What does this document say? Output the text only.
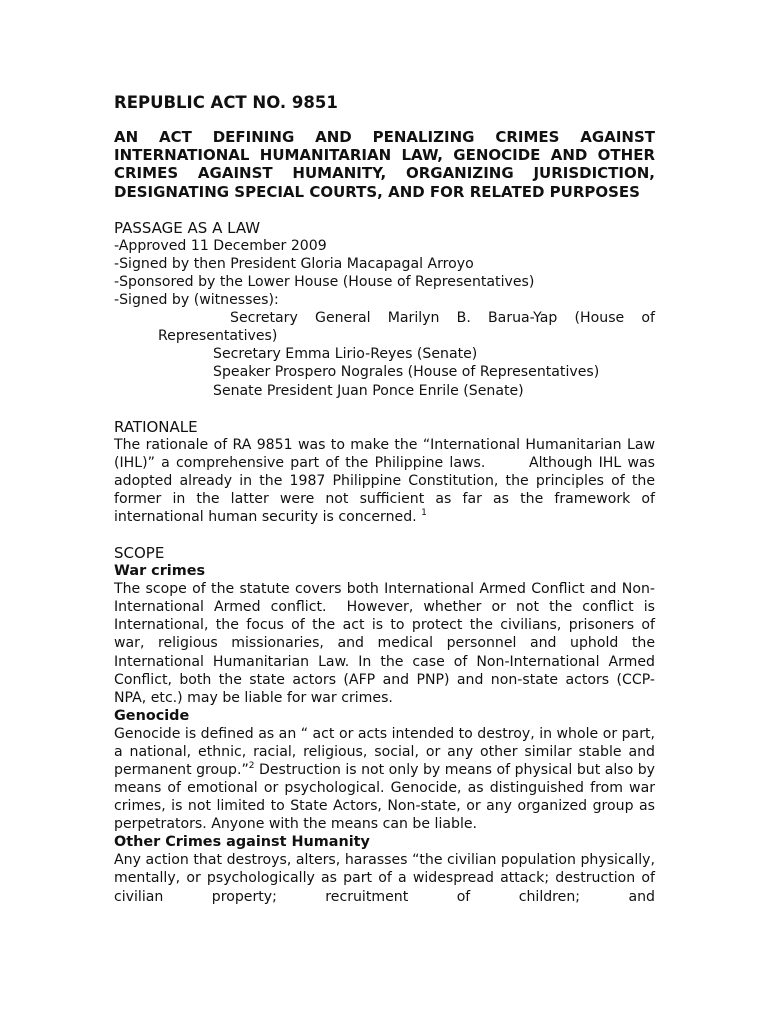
REPUBLIC ACT NO. 9851
AN ACT DEFINING AND PENALIZING CRIMES AGAINST INTERNATIONAL HUMANITARIAN LAW, GENOCIDE AND OTHER CRIMES AGAINST HUMANITY, ORGANIZING JURISDICTION, DESIGNATING SPECIAL COURTS, AND FOR RELATED PURPOSES
PASSAGE AS A LAW
-Approved 11 December 2009
-Signed by then President Gloria Macapagal Arroyo
-Sponsored by the Lower House (House of Representatives)
-Signed by (witnesses):
Secretary General Marilyn B. Barua-Yap (House of Representatives)
Secretary Emma Lirio-Reyes (Senate)
Speaker Prospero Nograles (House of Representatives)
Senate President Juan Ponce Enrile (Senate)
RATIONALE

The rationale of RA 9851 was to make the “International Humanitarian Law (IHL)” a comprehensive part of the Philippine laws.       Although IHL was adopted already in the 1987 Philippine Constitution, the principles of the former in the latter were not sufficient as far as the framework of international human security is concerned. $^1$

SCOPE
War crimes

The scope of the statute covers both International Armed Conflict and Non-International Armed conflict.  However, whether or not the conflict is International, the focus of the act is to protect the civilians, prisoners of war, religious missionaries, and medical personnel and uphold the International Humanitarian Law. In the case of Non-International Armed Conflict, both the state actors (AFP and PNP) and non-state actors (CCP-NPA, etc.) may be liable for war crimes.

Genocide

Genocide is defined as an “ act or acts intended to destroy, in whole or part, a national, ethnic, racial, religious, social, or any other similar stable and permanent group.”$^2$ Destruction is not only by means of physical but also by means of emotional or psychological. Genocide, as distinguished from war crimes, is not limited to State Actors, Non-state, or any organized group as perpetrators. Anyone with the means can be liable.

Other Crimes against Humanity

Any action that destroys, alters, harasses “the civilian population physically, mentally, or psychologically as part of a widespread attack; destruction of civilian property; recruitment of children; and
